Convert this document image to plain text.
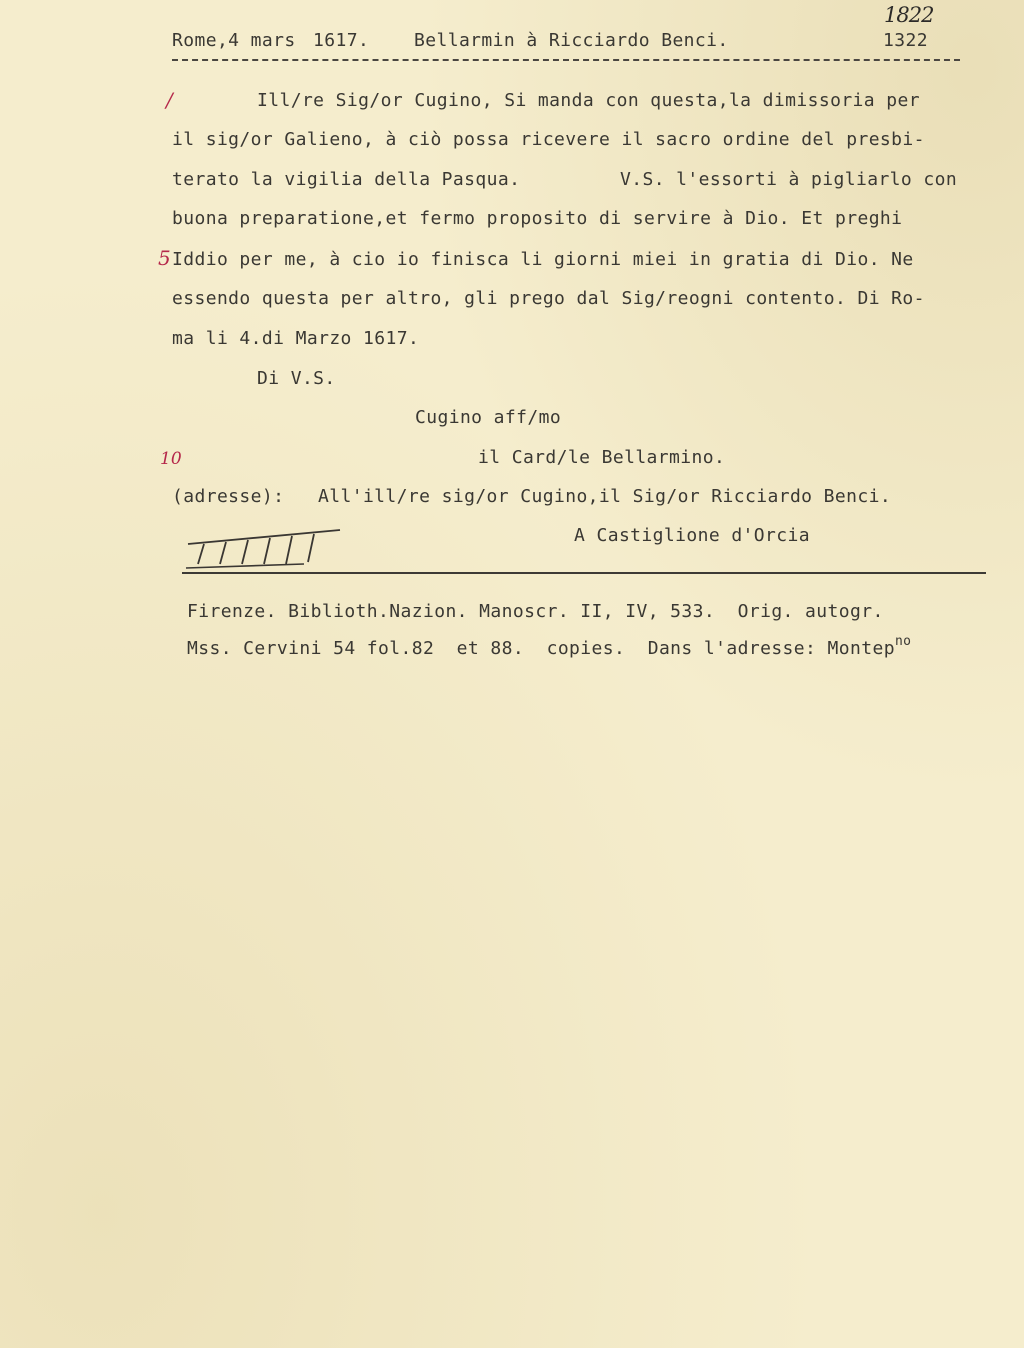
Rome,4 mars 1617. Bellarmin à Ricciardo Benci.	1322
1822
/
5
10
Ill/re Sig/or Cugino, Si manda con questa,la dimissoria per
il sig/or Galieno, à ciò possa ricevere il sacro ordine del presbi-
terato la vigilia della Pasqua.	V.S. l'essorti à pigliarlo con
buona preparatione,et fermo proposito di servire à Dio. Et preghi
Iddio per me, à cio io finisca li giorni miei in gratia di Dio. Ne
essendo questa per altro, gli prego dal Sig/reogni contento. Di Ro-
ma li 4.di Marzo 1617.
Di V.S.
Cugino aff/mo
il Card/le Bellarmino.
(adresse): All'ill/re sig/or Cugino,il Sig/or Ricciardo Benci.
A Castiglione d'Orcia
Firenze. Biblioth.Nazion. Manoscr. II, IV, 533.  Orig. autogr.
Mss. Cervini 54 fol.82  et 88.  copies.  Dans l'adresse: Montep$^{no}$
